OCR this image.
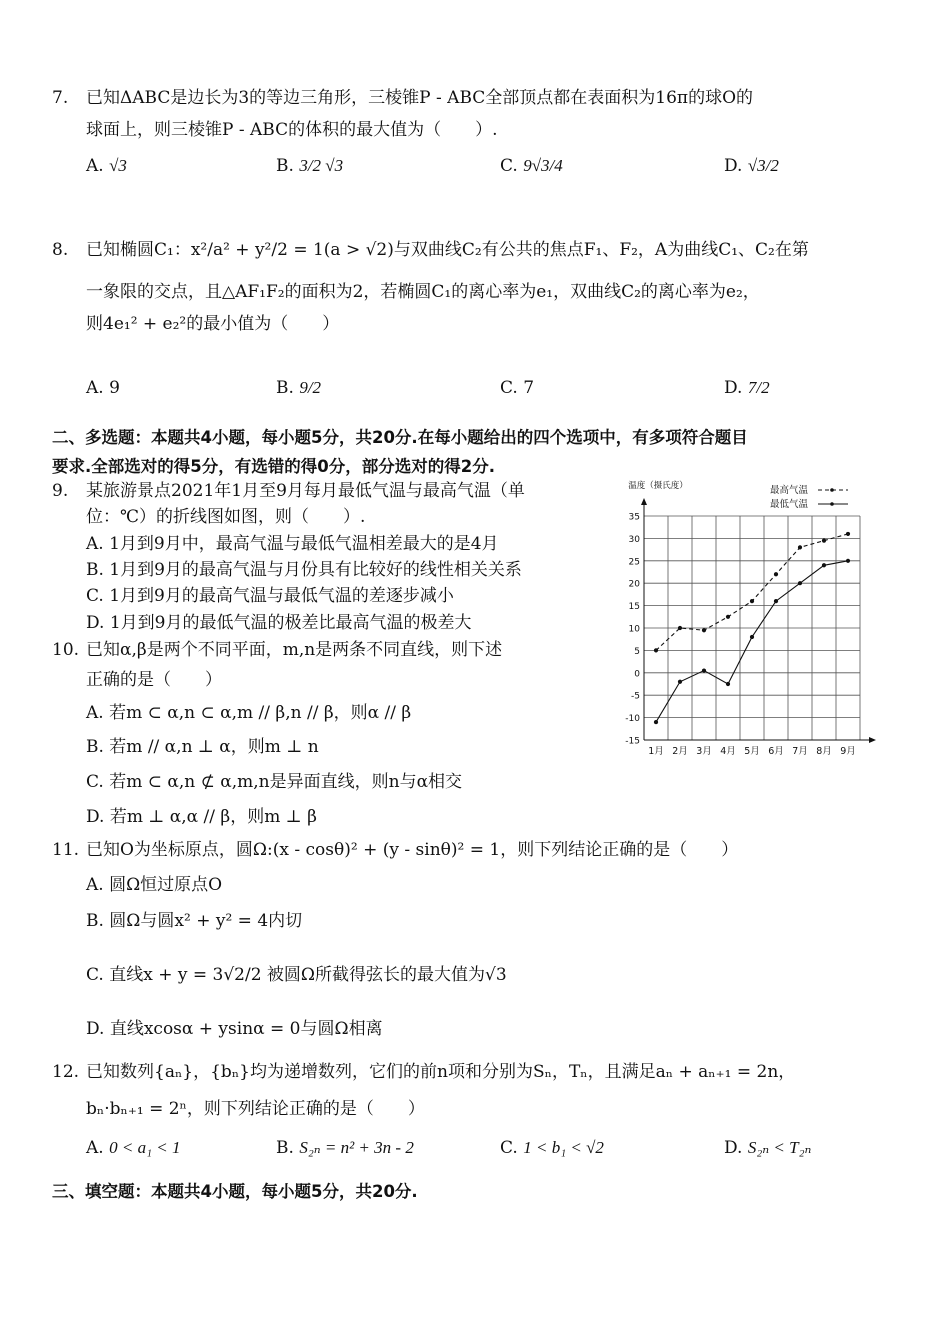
7. 已知ΔABC是边长为3的等边三角形，三棱锥P - ABC全部顶点都在表面积为16π的球O的
球面上，则三棱锥P - ABC的体积的最大值为（　　）.
A. √3	B. 3/2 √3	C. 9√3/4	D. √3/2
8. 已知椭圆C₁：x²/a² + y²/2 = 1(a > √2)与双曲线C₂有公共的焦点F₁、F₂，A为曲线C₁、C₂在第
一象限的交点，且△AF₁F₂的面积为2，若椭圆C₁的离心率为e₁，双曲线C₂的离心率为e₂，
则4e₁² + e₂²的最小值为（　　）
A. 9	B. 9/2	C. 7	D. 7/2
二、多选题：本题共4小题，每小题5分，共20分.在每小题给出的四个选项中，有多项符合题目
要求.全部选对的得5分，有选错的得0分，部分选对的得2分.
9. 某旅游景点2021年1月至9月每月最低气温与最高气温（单
位：℃）的折线图如图，则（　　）.
A. 1月到9月中，最高气温与最低气温相差最大的是4月
B. 1月到9月的最高气温与月份具有比较好的线性相关关系
C. 1月到9月的最高气温与最低气温的差逐步减小
D. 1月到9月的最低气温的极差比最高气温的极差大
-15
-10
-5
0
5
10
15
20
25
30
35
温度（摄氏度）
1月 2月 3月 4月 5月 6月 7月 8月 9月
最高气温
最低气温
10. 已知α,β是两个不同平面，m,n是两条不同直线，则下述
正确的是（　　）
A. 若m ⊂ α,n ⊂ α,m // β,n // β，则α // β
B. 若m // α,n ⊥ α，则m ⊥ n
C. 若m ⊂ α,n ⊄ α,m,n是异面直线，则n与α相交
D. 若m ⊥ α,α // β，则m ⊥ β
11. 已知O为坐标原点，圆Ω:(x - cosθ)² + (y - sinθ)² = 1，则下列结论正确的是（　　）
A. 圆Ω恒过原点O
B. 圆Ω与圆x² + y² = 4内切
C. 直线x + y = 3√2/2 被圆Ω所截得弦长的最大值为√3
D. 直线xcosα + ysinα = 0与圆Ω相离
12. 已知数列{aₙ}，{bₙ}均为递增数列，它们的前n项和分别为Sₙ，Tₙ，且满足aₙ + aₙ₊₁ = 2n，
bₙ·bₙ₊₁ = 2ⁿ，则下列结论正确的是（　　）
A. 0 < a₁ < 1	B. S₂ₙ = n² + 3n - 2	C. 1 < b₁ < √2	D. S₂ₙ < T₂ₙ
三、填空题：本题共4小题，每小题5分，共20分.
